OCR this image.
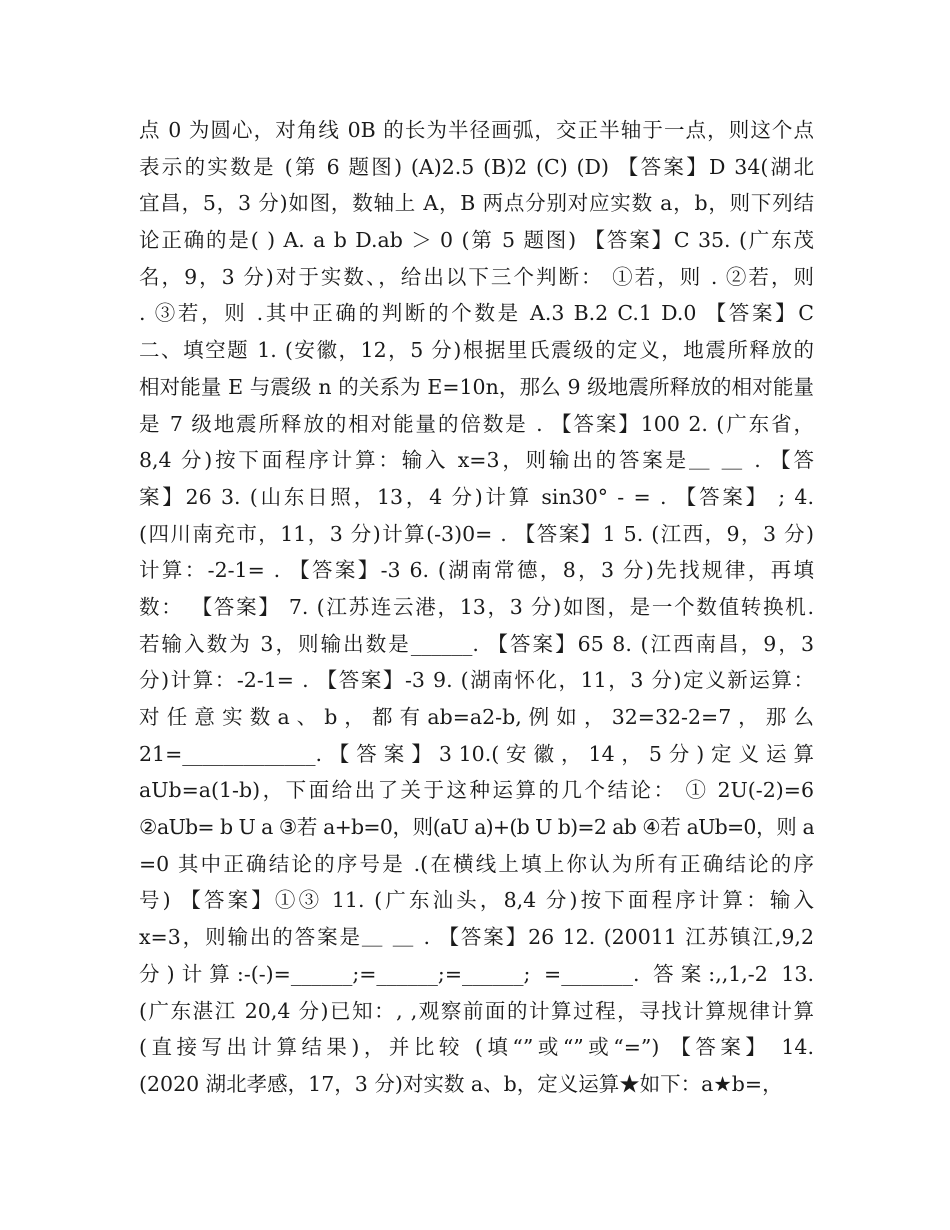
点 0 为圆心，对角线 0B 的长为半径画弧，交正半轴于一点，则这个点
表示的实数是 (第 6 题图) (A)2.5 (B)2 (C) (D) 【答案】D 34(湖北
宜昌，5，3 分)如图，数轴上 A，B 两点分别对应实数 a，b，则下列结
论正确的是( ) A. a b D.ab ＞ 0 (第 5 题图) 【答案】C 35. (广东茂
名，9，3 分)对于实数、，给出以下三个判断： ①若，则 . ②若，则
. ③若，则 .其中正确的判断的个数是 A.3 B.2 C.1 D.0 【答案】C
二、填空题 1. (安徽，12，5 分)根据里氏震级的定义，地震所释放的
相对能量 E 与震级 n 的关系为 E=10n，那么 9 级地震所释放的相对能量
是 7 级地震所释放的相对能量的倍数是 . 【答案】100 2. (广东省，
8,4 分)按下面程序计算：输入 x=3，则输出的答案是＿ ＿ . 【答
案】26 3. (山东日照，13，4 分)计算 sin30° - = . 【答案】 ; 4.
(四川南充市，11，3 分)计算(-3)0= . 【答案】1 5. (江西，9，3 分)
计算：-2-1= . 【答案】-3 6. (湖南常德，8，3 分)先找规律，再填
数： 【答案】 7. (江苏连云港，13，3 分)如图，是一个数值转换机.
若输入数为 3，则输出数是______. 【答案】65 8. (江西南昌，9，3
分)计算：-2-1= . 【答案】-3 9. (湖南怀化，11，3 分)定义新运算：
对 任 意 实 数 a 、 b ， 都 有 ab=a2-b, 例 如 ， 32=32-2=7 ， 那 么
21=_____________. 【 答 案 】 3 10.( 安 徽 ， 14 ， 5 分 ) 定 义 运 算
aUb=a(1-b)，下面给出了关于这种运算的几个结论： ① 2U(-2)=6
②aUb= b U a ③若 a+b=0，则(aU a)+(b U b)=2 ab ④若 aUb=0，则 a
=0 其中正确结论的序号是 .(在横线上填上你认为所有正确结论的序
号) 【答案】①③ 11. (广东汕头，8,4 分)按下面程序计算：输入
x=3，则输出的答案是＿ ＿ . 【答案】26 12. (20011 江苏镇江,9,2
分)计算:-(-)=______;=______;=______; =_______. 答案:,,1,-2 13.
(广东湛江 20,4 分)已知：, ,观察前面的计算过程，寻找计算规律计算
(直接写出计算结果)，并比较 (填“”或“”或“=”) 【答案】 14.
(2020 湖北孝感，17，3 分)对实数 a、b，定义运算★如下：a★b=，
